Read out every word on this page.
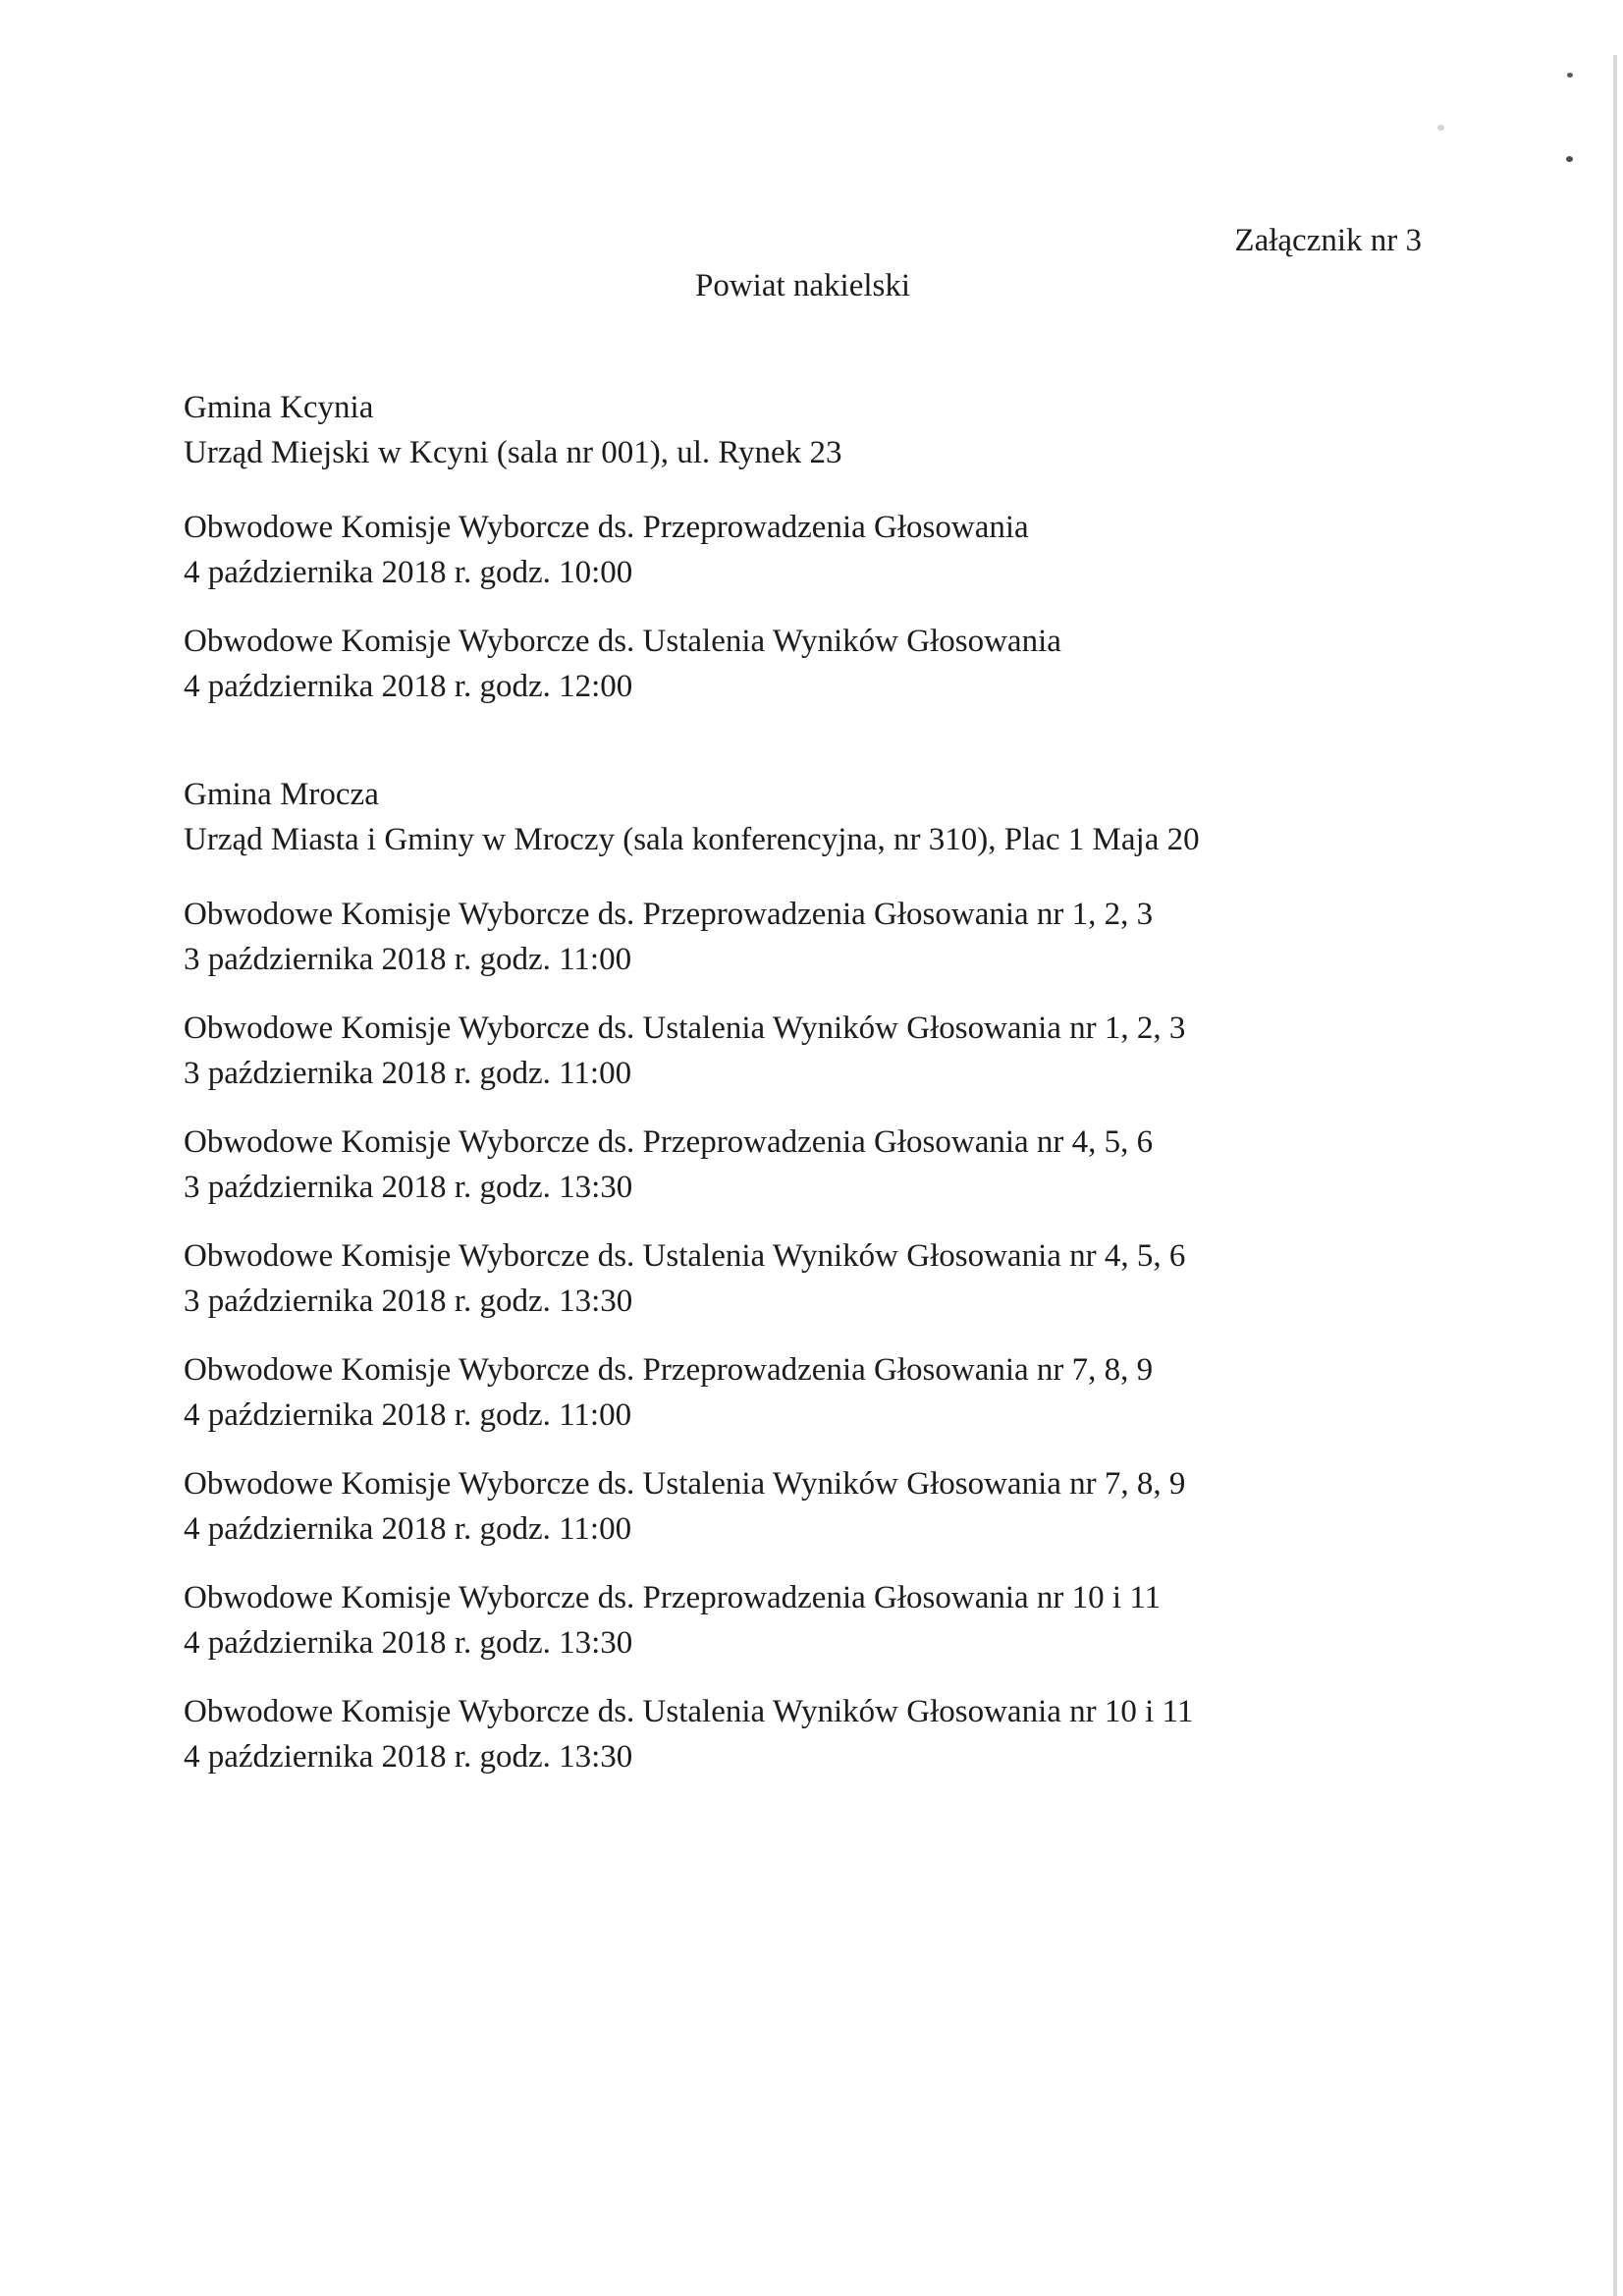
Załącznik nr 3

Powiat nakielski
Gmina Kcynia

Urząd Miejski w Kcyni (sala nr 001), ul. Rynek 23

Obwodowe Komisje Wyborcze ds. Przeprowadzenia Głosowania

4 października 2018 r. godz. 10:00

Obwodowe Komisje Wyborcze ds. Ustalenia Wyników Głosowania

4 października 2018 r. godz. 12:00

Gmina Mrocza

Urząd Miasta i Gminy w Mroczy (sala konferencyjna, nr 310), Plac 1 Maja 20

Obwodowe Komisje Wyborcze ds. Przeprowadzenia Głosowania nr 1, 2, 3

3 października 2018 r. godz. 11:00

Obwodowe Komisje Wyborcze ds. Ustalenia Wyników Głosowania nr 1, 2, 3

3 października 2018 r. godz. 11:00

Obwodowe Komisje Wyborcze ds. Przeprowadzenia Głosowania nr 4, 5, 6

3 października 2018 r. godz. 13:30

Obwodowe Komisje Wyborcze ds. Ustalenia Wyników Głosowania nr 4, 5, 6

3 października 2018 r. godz. 13:30

Obwodowe Komisje Wyborcze ds. Przeprowadzenia Głosowania nr 7, 8, 9

4 października 2018 r. godz. 11:00

Obwodowe Komisje Wyborcze ds. Ustalenia Wyników Głosowania nr 7, 8, 9

4 października 2018 r. godz. 11:00

Obwodowe Komisje Wyborcze ds. Przeprowadzenia Głosowania nr 10 i 11

4 października 2018 r. godz. 13:30

Obwodowe Komisje Wyborcze ds. Ustalenia Wyników Głosowania nr 10 i 11

4 października 2018 r. godz. 13:30
